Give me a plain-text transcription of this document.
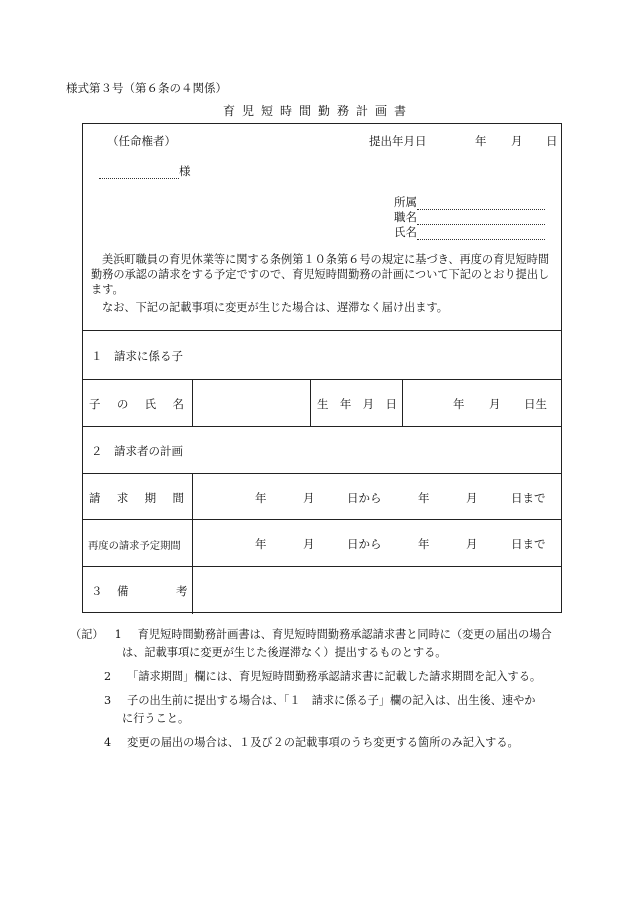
様式第３号（第６条の４関係）
育児短時間勤務計画書
（任命権者）	提出年月日	年 月 日
様
所属
職名
氏名
美浜町職員の育児休業等に関する条例第１０条第６号の規定に基づき、再度の育児短時間勤務の承認の請求をする予定ですので、育児短時間勤務の計画について下記のとおり提出します。
なお、下記の記載事項に変更が生じた場合は、遅滞なく届け出ます。
１　請求に係る子
子 の 氏 名	生 年 月 日	年 月 日生
２　請求者の計画
請 求 期 間	年	月	日から	年	月	日まで
再度の請求予定期間	年	月	日から	年	月	日まで
３ 備	考
（記） 1 育児短時間勤務計画書は、育児短時間勤務承認請求書と同時に（変更の届出の場合
は、記載事項に変更が生じた後遅滞なく）提出するものとする。
2 「請求期間」欄には、育児短時間勤務承認請求書に記載した請求期間を記入する。
3 子の出生前に提出する場合は、「１　請求に係る子」欄の記入は、出生後、速やか
に行うこと。
4 変更の届出の場合は、１及び２の記載事項のうち変更する箇所のみ記入する。
